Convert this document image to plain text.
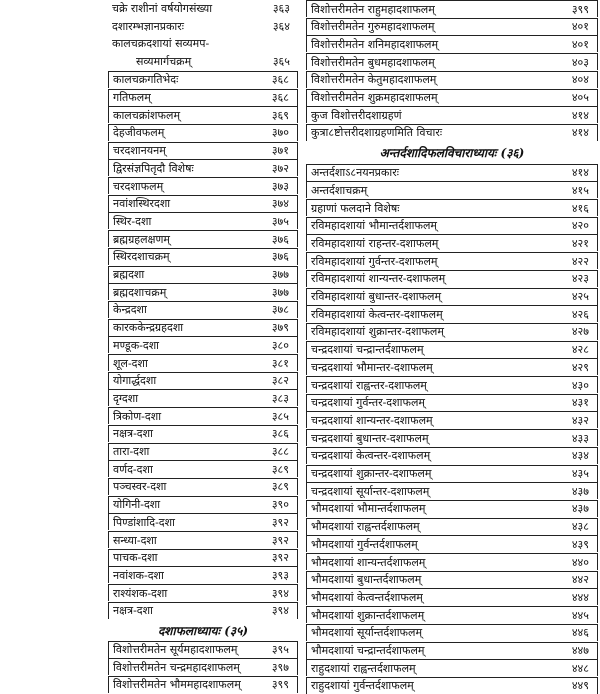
चक्रे राशीनां वर्षयोगसंख्या	३६३
दशारम्भज्ञानप्रकारः	३६४
कालचक्रदशायां सव्यमप-
सव्यमार्गचक्रम्	३६५
कालचक्रगतिभेदः	३६८
गतिफलम्	३६८
कालचक्रांशफलम्	३६९
देहजीवफलम्	३७०
चरदशानयनम्	३७१
द्विरसंज्ञपितृदौ विशेषः	३७२
चरदशाफलम्	३७३
नवांशस्थिरदशा	३७४
स्थिर-दशा	३७५
ब्रह्मग्रहलक्षणम्	३७६
स्थिरदशाचक्रम्	३७६
ब्रह्मदशा	३७७
ब्रह्मदशाचक्रम्	३७७
केन्द्रदशा	३७८
कारककेन्द्रग्रहदशा	३७९
मण्डूक-दशा	३८०
शूल-दशा	३८१
योगार्द्धदशा	३८२
दृग्दशा	३८३
त्रिकोण-दशा	३८५
नक्षत्र-दशा	३८६
तारा-दशा	३८८
वर्णद-दशा	३८९
पञ्चस्वर-दशा	३८९
योगिनी-दशा	३९०
पिण्डांशादि-दशा	३९२
सन्ध्या-दशा	३९२
पाचक-दशा	३९२
नवांशक-दशा	३९३
राश्यंशक-दशा	३९४
नक्षत्र-दशा	३९४
दशाफलाध्यायः (३५)
विशोत्तरीमतेन सूर्यमहादशाफलम्	३९५
विशोत्तरीमतेन चन्द्रमहादशाफलम्	३९७
विशोत्तरीमतेन भौममहादशाफलम्	३९९
विशोत्तरीमतेन राहुमहादशाफलम्	३९९
विशोत्तरीमतेन गुरुमहादशाफलम्	४०१
विशोत्तरीमतेन शनिमहादशाफलम्	४०१
विशोत्तरीमतेन बुधमहादशाफलम्	४०३
विशोत्तरीमतेन केतुमहादशाफलम्	४०४
विशोत्तरीमतेन शुक्रमहादशाफलम्	४०५
कुज विशोत्तरीदशाग्रहणं	४१४
कुत्रा८ष्टोत्तरीदशाग्रहणमिति विचारः	४१४
अन्तर्दशादिफलविचाराध्यायः (३६)
अन्तर्दशाऽ८नयनप्रकारः	४१४
अन्तर्दशाचक्रम्	४१५
ग्रहाणां फलदाने विशेषः	४१६
रविमहादशायां भौमान्तर्दशाफलम्	४२०
रविमहादशायां राहन्तर-दशाफलम्	४२१
रविमहादशायां गुर्वन्तर-दशाफलम्	४२२
रविमहादशायां शान्यन्तर-दशाफलम्	४२३
रविमहादशायां बुधान्तर-दशाफलम्	४२५
रविमहादशायां केत्वन्तर-दशाफलम्	४२६
रविमहादशायां शुक्रान्तर-दशाफलम्	४२७
चन्द्रदशायां चन्द्रान्तर्दशाफलम्	४२८
चन्द्रदशायां भौमान्तर-दशाफलम्	४२९
चन्द्रदशायां राह्वन्तर-दशाफलम्	४३०
चन्द्रदशायां गुर्वन्तर-दशाफलम्	४३१
चन्द्रदशायां शान्यन्तर-दशाफलम्	४३२
चन्द्रदशायां बुधान्तर-दशाफलम्	४३३
चन्द्रदशायां केत्वन्तर-दशाफलम्	४३४
चन्द्रदशायां शुक्रान्तर-दशाफलम्	४३५
चन्द्रदशायां सूर्यान्तर-दशाफलम्	४३७
भौमदशायां भौमान्तर्दशाफलम्	४३७
भौमदशायां राह्वन्तर्दशाफलम्	४३८
भौमदशायां गुर्वन्तर्दशाफलम्	४३९
भौमदशायां शान्यन्तर्दशाफलम्	४४०
भौमदशायां बुधान्तर्दशाफलम्	४४२
भौमदशायां केत्वन्तर्दशाफलम्	४४४
भौमदशायां शुक्रान्तर्दशाफलम्	४४५
भौमदशायां सूर्यान्तर्दशाफलम्	४४६
भौमदशायां चन्द्रान्तर्दशाफलम्	४४७
राहुदशायां राह्वन्तर्दशाफलम्	४४८
राहुदशायां गुर्वन्तर्दशाफलम्	४४९
